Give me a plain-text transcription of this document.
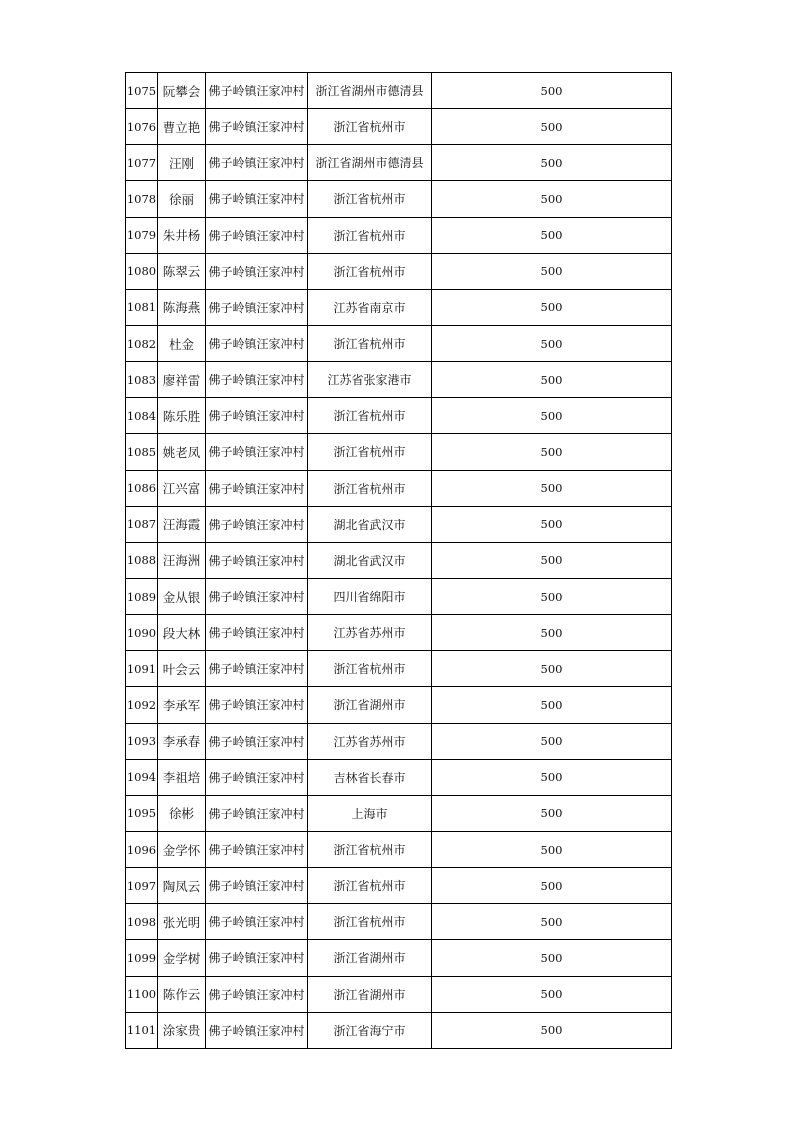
1075	阮攀会	佛子岭镇汪家冲村	浙江省湖州市德清县	500
1076	曹立艳	佛子岭镇汪家冲村	浙江省杭州市	500
1077	汪刚	佛子岭镇汪家冲村	浙江省湖州市德清县	500
1078	徐丽	佛子岭镇汪家冲村	浙江省杭州市	500
1079	朱井杨	佛子岭镇汪家冲村	浙江省杭州市	500
1080	陈翠云	佛子岭镇汪家冲村	浙江省杭州市	500
1081	陈海燕	佛子岭镇汪家冲村	江苏省南京市	500
1082	杜金	佛子岭镇汪家冲村	浙江省杭州市	500
1083	廖祥雷	佛子岭镇汪家冲村	江苏省张家港市	500
1084	陈乐胜	佛子岭镇汪家冲村	浙江省杭州市	500
1085	姚老凤	佛子岭镇汪家冲村	浙江省杭州市	500
1086	江兴富	佛子岭镇汪家冲村	浙江省杭州市	500
1087	汪海霞	佛子岭镇汪家冲村	湖北省武汉市	500
1088	汪海洲	佛子岭镇汪家冲村	湖北省武汉市	500
1089	金从银	佛子岭镇汪家冲村	四川省绵阳市	500
1090	段大林	佛子岭镇汪家冲村	江苏省苏州市	500
1091	叶会云	佛子岭镇汪家冲村	浙江省杭州市	500
1092	李承军	佛子岭镇汪家冲村	浙江省湖州市	500
1093	李承春	佛子岭镇汪家冲村	江苏省苏州市	500
1094	李祖培	佛子岭镇汪家冲村	吉林省长春市	500
1095	徐彬	佛子岭镇汪家冲村	上海市	500
1096	金学怀	佛子岭镇汪家冲村	浙江省杭州市	500
1097	陶凤云	佛子岭镇汪家冲村	浙江省杭州市	500
1098	张光明	佛子岭镇汪家冲村	浙江省杭州市	500
1099	金学树	佛子岭镇汪家冲村	浙江省湖州市	500
1100	陈作云	佛子岭镇汪家冲村	浙江省湖州市	500
1101	涂家贵	佛子岭镇汪家冲村	浙江省海宁市	500
